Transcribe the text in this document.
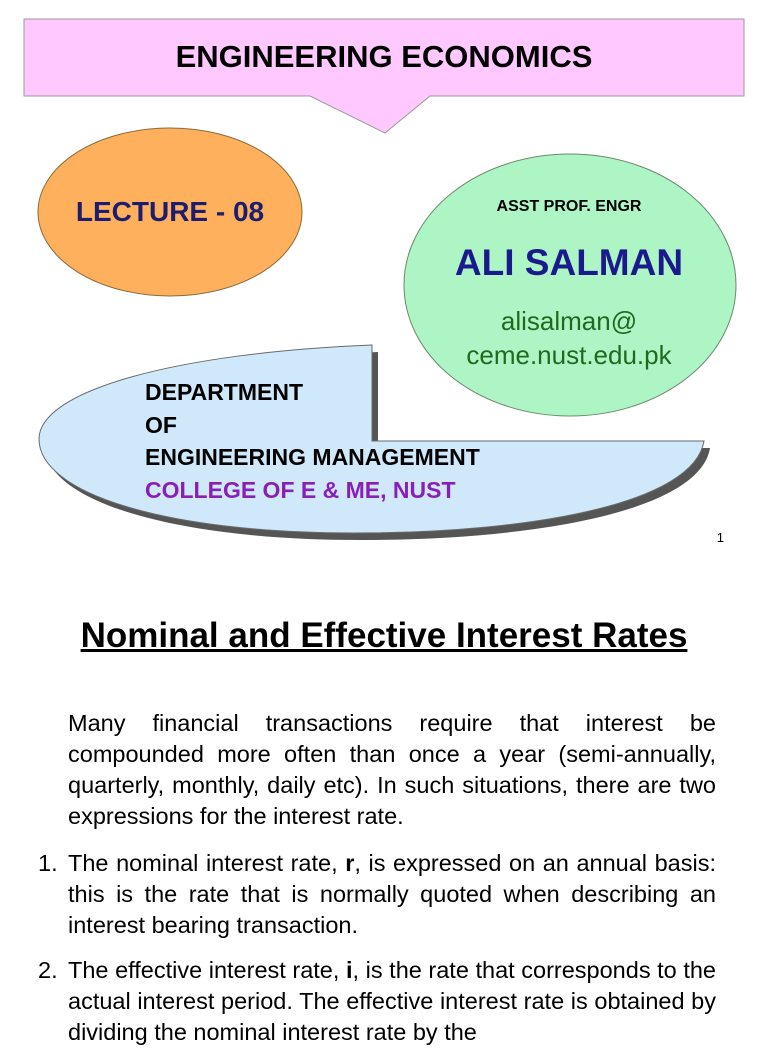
ENGINEERING ECONOMICS
LECTURE - 08	ASST PROF. ENGR
ALI SALMAN
alisalman@
ceme.nust.edu.pk
DEPARTMENT
OF
ENGINEERING MANAGEMENT
COLLEGE OF E & ME, NUST
1
Nominal and Effective Interest Rates
Many financial transactions require that interest be compounded more often than once a year (semi-annually, quarterly, monthly, daily etc). In such situations, there are two expressions for the interest rate.
1. The nominal interest rate, r, is expressed on an annual basis: this is the rate that is normally quoted when describing an interest bearing transaction.
2. The effective interest rate, i, is the rate that corresponds to the actual interest period. The effective interest rate is obtained by dividing the nominal interest rate by the
